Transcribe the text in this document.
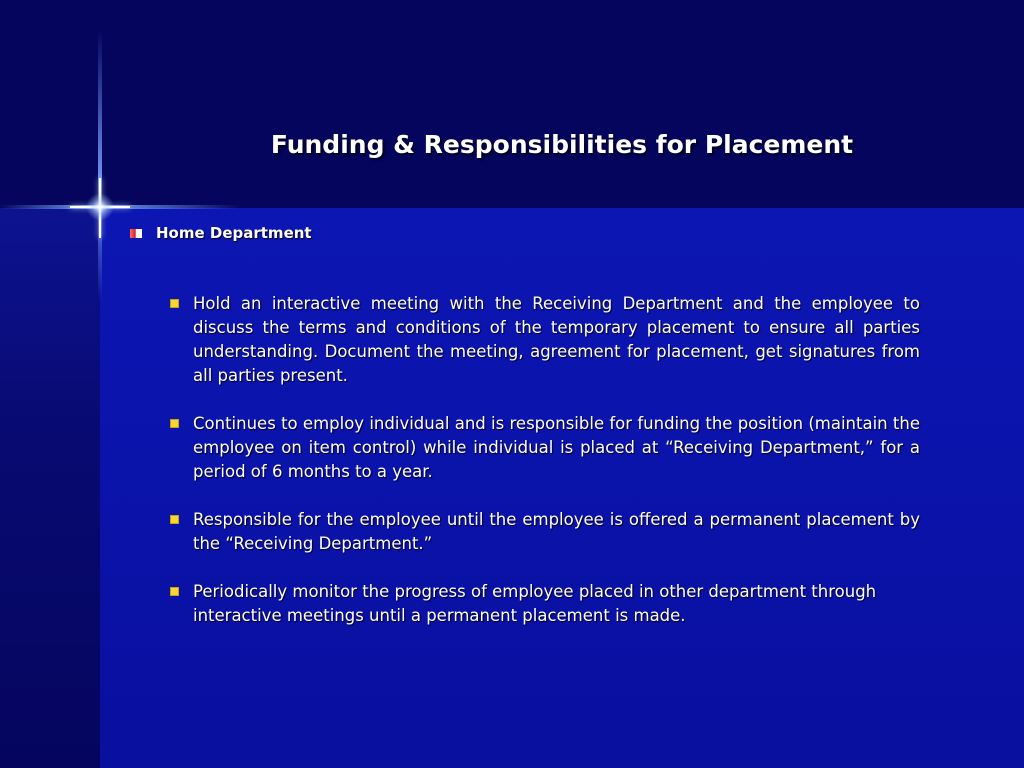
Funding & Responsibilities for Placement
Home Department
Hold an interactive meeting with the Receiving Department and the employee to discuss the terms and conditions of the temporary placement to ensure all parties understanding. Document the meeting, agreement for placement, get signatures from all parties present.
Continues to employ individual and is responsible for funding the position (maintain the employee on item control) while individual is placed at “Receiving Department,” for a period of 6 months to a year.
Responsible for the employee until the employee is offered a permanent placement by the “Receiving Department.”
Periodically monitor the progress of employee placed in other department through interactive meetings until a permanent placement is made.
